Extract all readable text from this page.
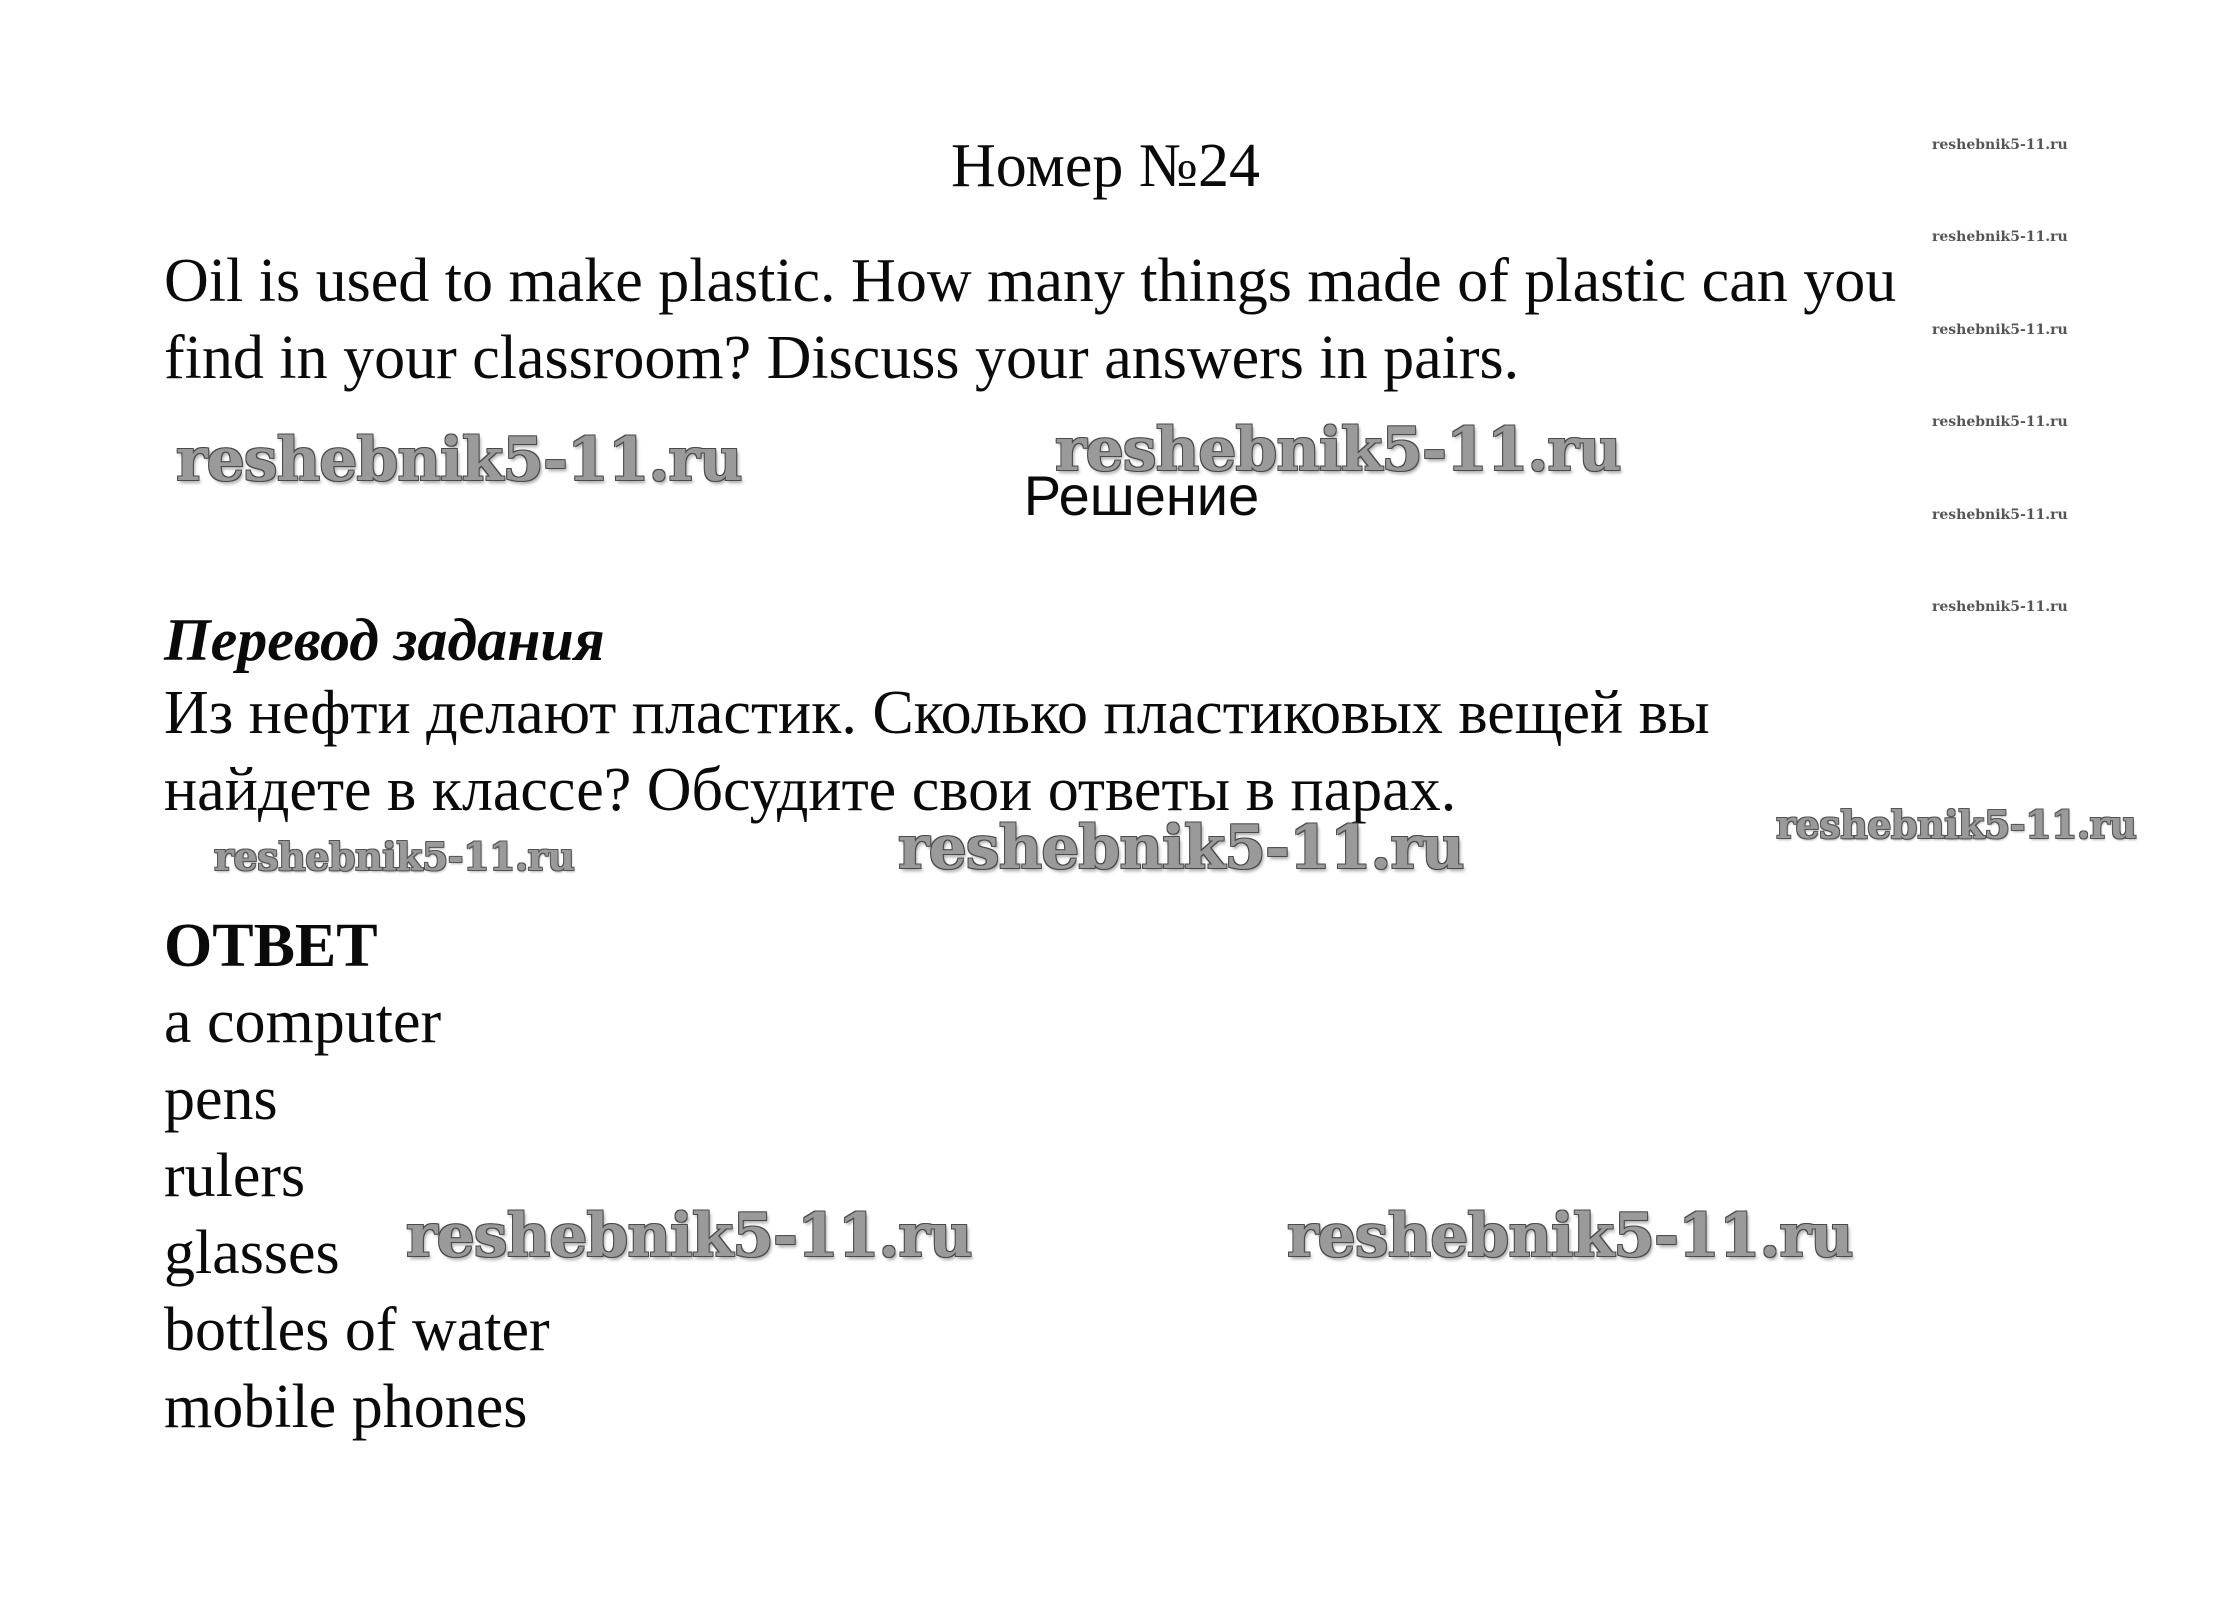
Номер №24
Oil is used to make plastic. How many things made of plastic can you
find in your classroom? Discuss your answers in pairs.
Решение
Перевод задания
Из нефти делают пластик. Сколько пластиковых вещей вы
найдете в классе? Обсудите свои ответы в парах.
ОТВЕТ
a computer
pens
rulers
glasses
bottles of water
mobile phones
reshebnik5-11.ru	reshebnik5-11.ru
reshebnik5-11.ru
reshebnik5-11.ru	reshebnik5-11.ru
reshebnik5-11.ru
reshebnik5-11.ru
reshebnik5-11.ru
reshebnik5-11.ru
reshebnik5-11.ru
reshebnik5-11.ru
reshebnik5-11.ru
reshebnik5-11.ru
